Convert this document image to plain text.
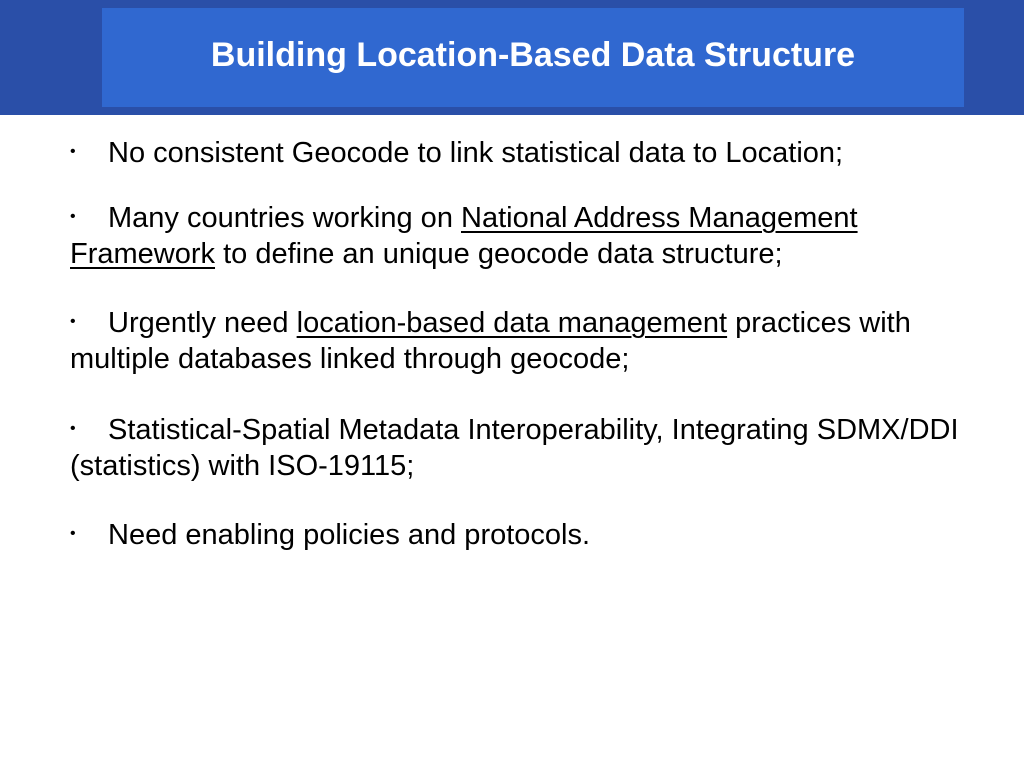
Building Location-Based Data Structure
• No consistent Geocode to link statistical data to Location;
• Many countries working on National Address Management Framework to define an unique geocode data structure;
• Urgently need location-based data management practices with multiple databases linked through geocode;
• Statistical-Spatial Metadata Interoperability, Integrating SDMX/DDI (statistics) with ISO-19115;
• Need enabling policies and protocols.
